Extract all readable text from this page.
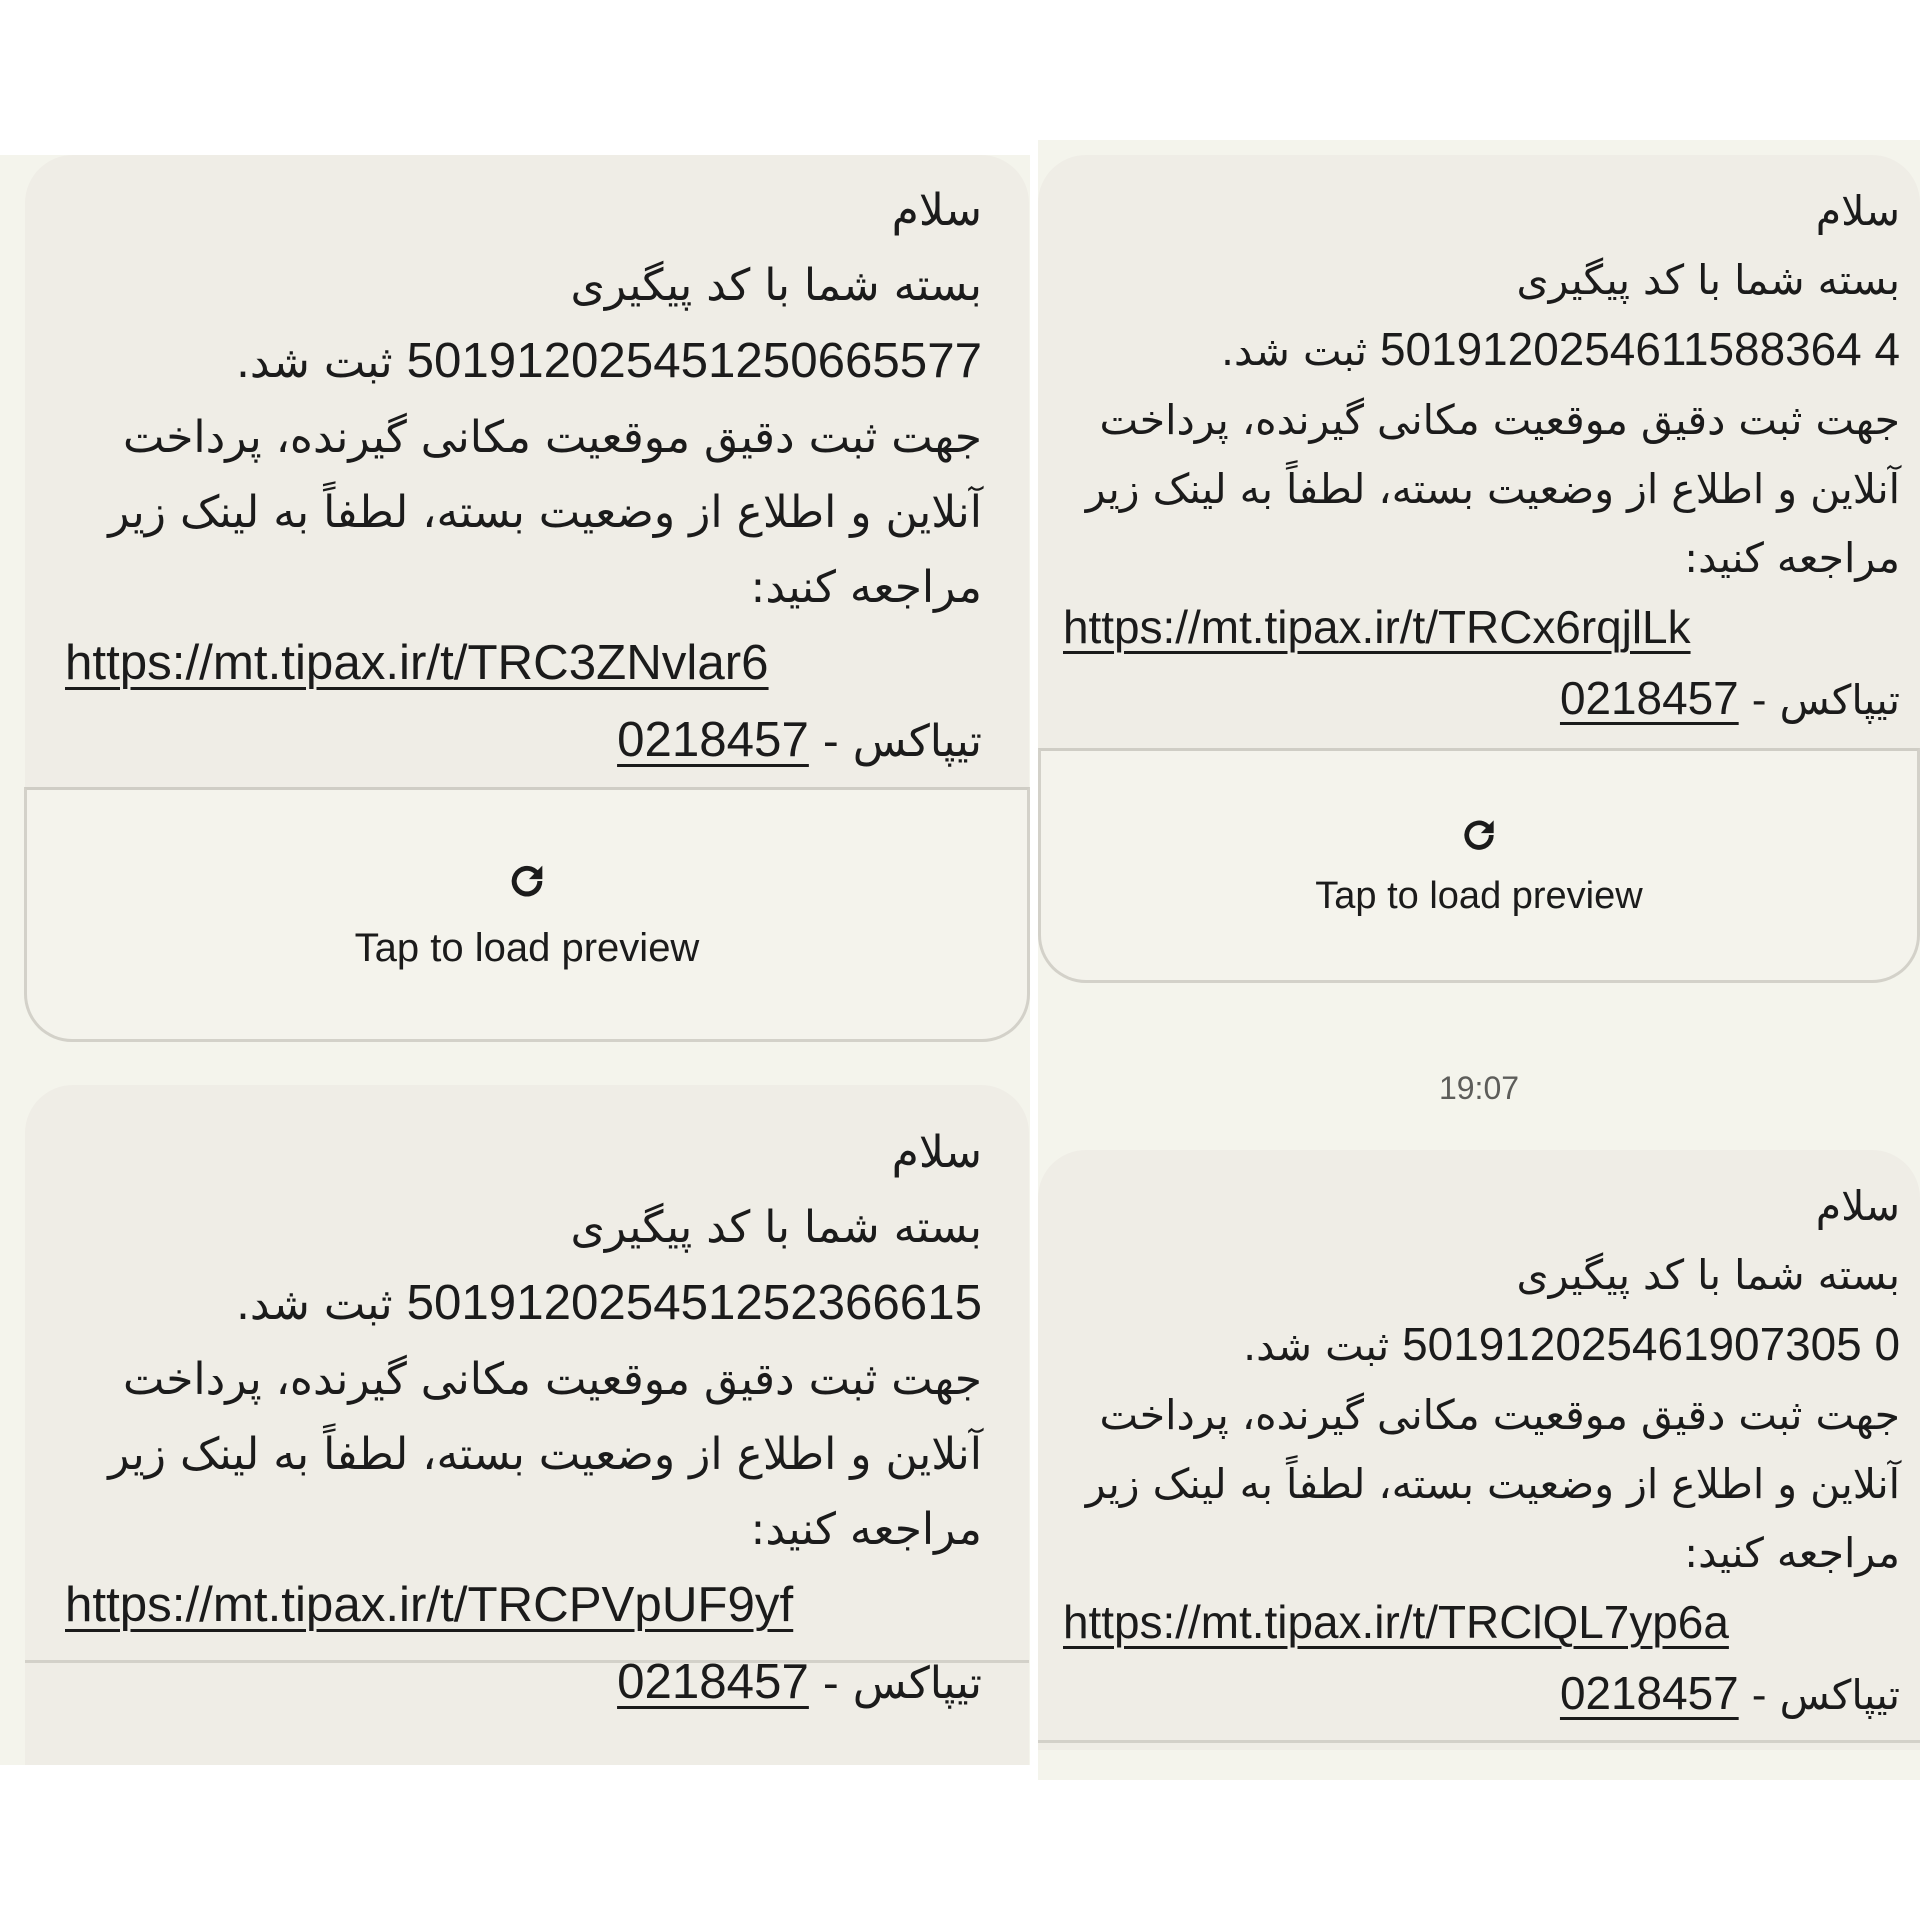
سلام
بسته شما با کد پیگیری
501912025451250665577 ثبت شد.
جهت ثبت دقیق موقعیت مکانی گیرنده، پرداخت
آنلاین و اطلاع از وضعیت بسته، لطفاً به لینک زیر
مراجعه کنید:
https://mt.tipax.ir/t/TRC3ZNvlar6
تیپاکس - 0218457
Tap to load preview
سلام
بسته شما با کد پیگیری
501912025451252366615 ثبت شد.
جهت ثبت دقیق موقعیت مکانی گیرنده، پرداخت
آنلاین و اطلاع از وضعیت بسته، لطفاً به لینک زیر
مراجعه کنید:
https://mt.tipax.ir/t/TRCPVpUF9yf
تیپاکس - 0218457
سلام
بسته شما با کد پیگیری
5019120254611588364 4 ثبت شد.
جهت ثبت دقیق موقعیت مکانی گیرنده، پرداخت
آنلاین و اطلاع از وضعیت بسته، لطفاً به لینک زیر
مراجعه کنید:
https://mt.tipax.ir/t/TRCx6rqjlLk
تیپاکس - 0218457
Tap to load preview
19:07
سلام
بسته شما با کد پیگیری
501912025461907305 0 ثبت شد.
جهت ثبت دقیق موقعیت مکانی گیرنده، پرداخت
آنلاین و اطلاع از وضعیت بسته، لطفاً به لینک زیر
مراجعه کنید:
https://mt.tipax.ir/t/TRClQL7yp6a
تیپاکس - 0218457
